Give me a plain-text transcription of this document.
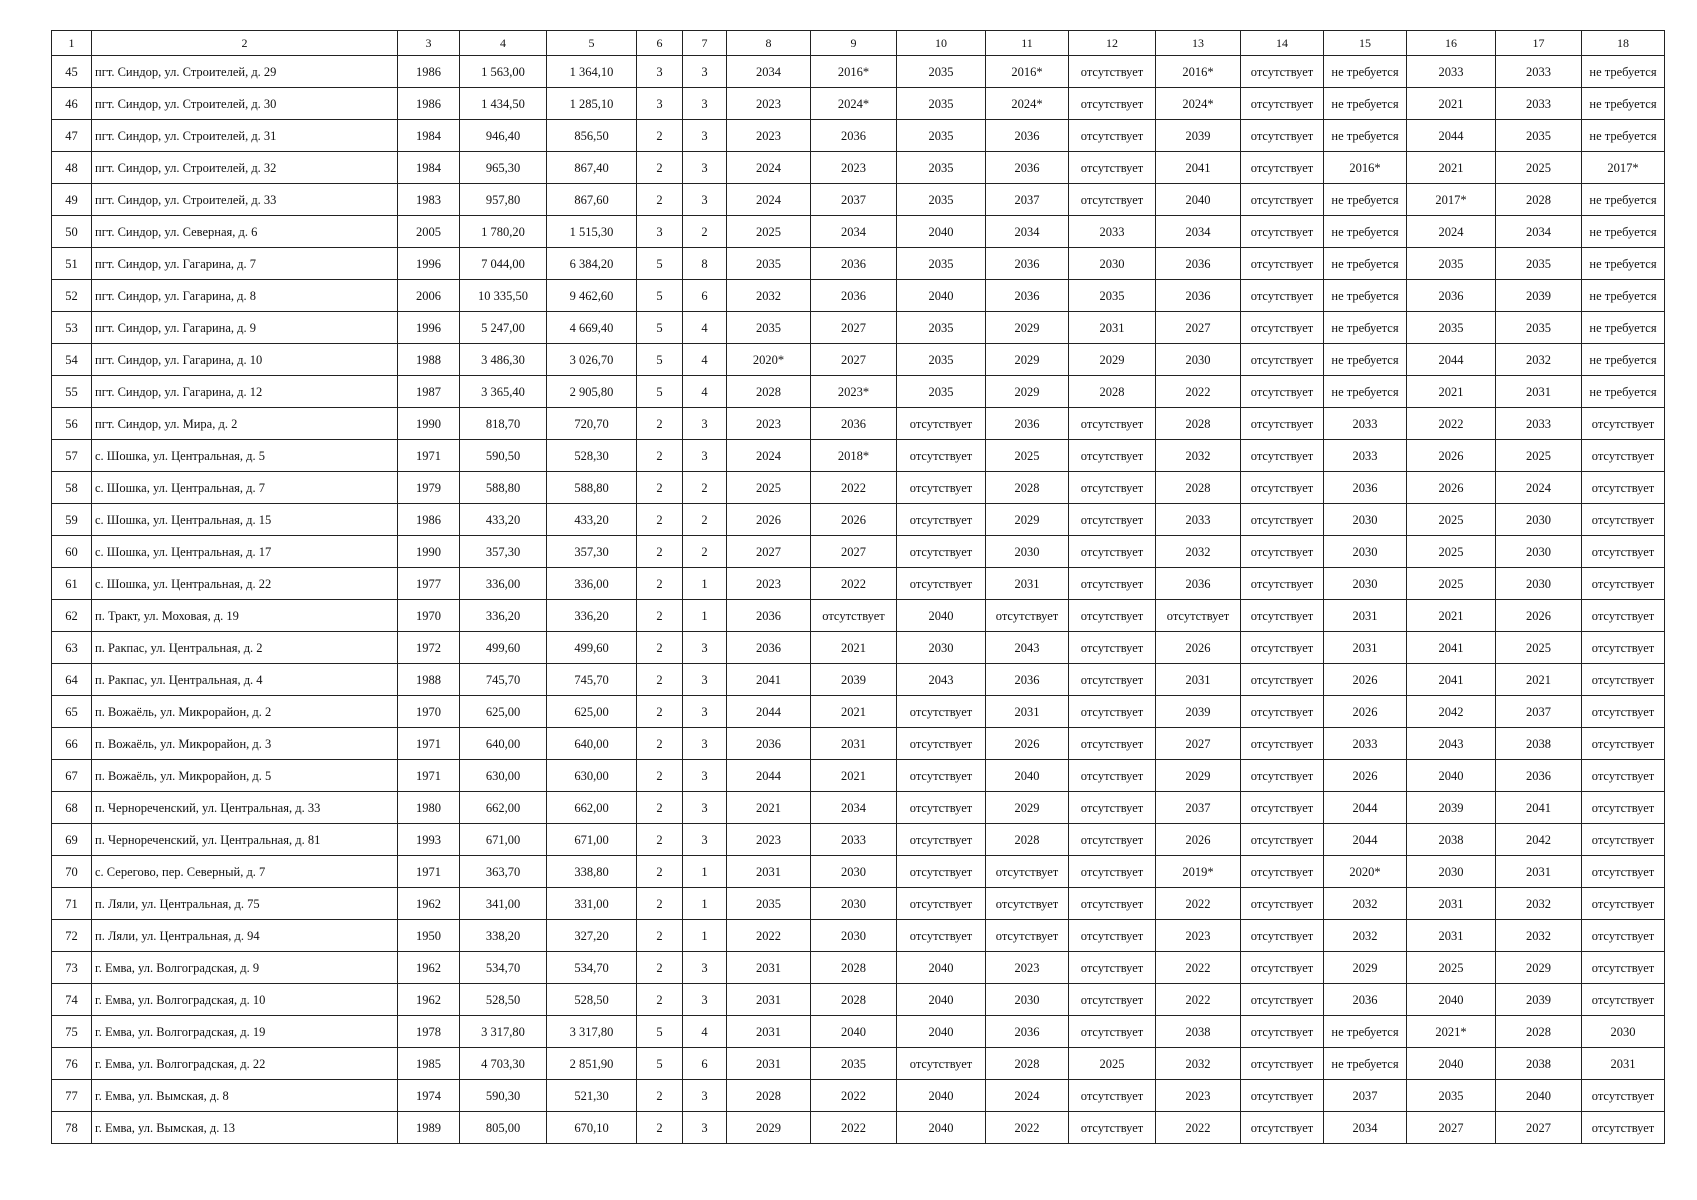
1	2	3	4	5	6	7	8	9	10	11	12	13	14	15	16	17	18
45	пгт. Синдор, ул. Строителей, д. 29	1986	1 563,00	1 364,10	3	3	2034	2016*	2035	2016*	отсутствует	2016*	отсутствует	не требуется	2033	2033	не требуется
46	пгт. Синдор, ул. Строителей, д. 30	1986	1 434,50	1 285,10	3	3	2023	2024*	2035	2024*	отсутствует	2024*	отсутствует	не требуется	2021	2033	не требуется
47	пгт. Синдор, ул. Строителей, д. 31	1984	946,40	856,50	2	3	2023	2036	2035	2036	отсутствует	2039	отсутствует	не требуется	2044	2035	не требуется
48	пгт. Синдор, ул. Строителей, д. 32	1984	965,30	867,40	2	3	2024	2023	2035	2036	отсутствует	2041	отсутствует	2016*	2021	2025	2017*
49	пгт. Синдор, ул. Строителей, д. 33	1983	957,80	867,60	2	3	2024	2037	2035	2037	отсутствует	2040	отсутствует	не требуется	2017*	2028	не требуется
50	пгт. Синдор, ул. Северная, д. 6	2005	1 780,20	1 515,30	3	2	2025	2034	2040	2034	2033	2034	отсутствует	не требуется	2024	2034	не требуется
51	пгт. Синдор, ул. Гагарина, д. 7	1996	7 044,00	6 384,20	5	8	2035	2036	2035	2036	2030	2036	отсутствует	не требуется	2035	2035	не требуется
52	пгт. Синдор, ул. Гагарина, д. 8	2006	10 335,50	9 462,60	5	6	2032	2036	2040	2036	2035	2036	отсутствует	не требуется	2036	2039	не требуется
53	пгт. Синдор, ул. Гагарина, д. 9	1996	5 247,00	4 669,40	5	4	2035	2027	2035	2029	2031	2027	отсутствует	не требуется	2035	2035	не требуется
54	пгт. Синдор, ул. Гагарина, д. 10	1988	3 486,30	3 026,70	5	4	2020*	2027	2035	2029	2029	2030	отсутствует	не требуется	2044	2032	не требуется
55	пгт. Синдор, ул. Гагарина, д. 12	1987	3 365,40	2 905,80	5	4	2028	2023*	2035	2029	2028	2022	отсутствует	не требуется	2021	2031	не требуется
56	пгт. Синдор, ул. Мира, д. 2	1990	818,70	720,70	2	3	2023	2036	отсутствует	2036	отсутствует	2028	отсутствует	2033	2022	2033	отсутствует
57	с. Шошка, ул. Центральная, д. 5	1971	590,50	528,30	2	3	2024	2018*	отсутствует	2025	отсутствует	2032	отсутствует	2033	2026	2025	отсутствует
58	с. Шошка, ул. Центральная, д. 7	1979	588,80	588,80	2	2	2025	2022	отсутствует	2028	отсутствует	2028	отсутствует	2036	2026	2024	отсутствует
59	с. Шошка, ул. Центральная, д. 15	1986	433,20	433,20	2	2	2026	2026	отсутствует	2029	отсутствует	2033	отсутствует	2030	2025	2030	отсутствует
60	с. Шошка, ул. Центральная, д. 17	1990	357,30	357,30	2	2	2027	2027	отсутствует	2030	отсутствует	2032	отсутствует	2030	2025	2030	отсутствует
61	с. Шошка, ул. Центральная, д. 22	1977	336,00	336,00	2	1	2023	2022	отсутствует	2031	отсутствует	2036	отсутствует	2030	2025	2030	отсутствует
62	п. Тракт, ул. Моховая, д. 19	1970	336,20	336,20	2	1	2036	отсутствует	2040	отсутствует	отсутствует	отсутствует	отсутствует	2031	2021	2026	отсутствует
63	п. Ракпас, ул. Центральная, д. 2	1972	499,60	499,60	2	3	2036	2021	2030	2043	отсутствует	2026	отсутствует	2031	2041	2025	отсутствует
64	п. Ракпас, ул. Центральная, д. 4	1988	745,70	745,70	2	3	2041	2039	2043	2036	отсутствует	2031	отсутствует	2026	2041	2021	отсутствует
65	п. Вожаёль, ул. Микрорайон, д. 2	1970	625,00	625,00	2	3	2044	2021	отсутствует	2031	отсутствует	2039	отсутствует	2026	2042	2037	отсутствует
66	п. Вожаёль, ул. Микрорайон, д. 3	1971	640,00	640,00	2	3	2036	2031	отсутствует	2026	отсутствует	2027	отсутствует	2033	2043	2038	отсутствует
67	п. Вожаёль, ул. Микрорайон, д. 5	1971	630,00	630,00	2	3	2044	2021	отсутствует	2040	отсутствует	2029	отсутствует	2026	2040	2036	отсутствует
68	п. Чернореченский, ул. Центральная, д. 33	1980	662,00	662,00	2	3	2021	2034	отсутствует	2029	отсутствует	2037	отсутствует	2044	2039	2041	отсутствует
69	п. Чернореченский, ул. Центральная, д. 81	1993	671,00	671,00	2	3	2023	2033	отсутствует	2028	отсутствует	2026	отсутствует	2044	2038	2042	отсутствует
70	с. Серегово, пер. Северный, д. 7	1971	363,70	338,80	2	1	2031	2030	отсутствует	отсутствует	отсутствует	2019*	отсутствует	2020*	2030	2031	отсутствует
71	п. Ляли, ул. Центральная, д. 75	1962	341,00	331,00	2	1	2035	2030	отсутствует	отсутствует	отсутствует	2022	отсутствует	2032	2031	2032	отсутствует
72	п. Ляли, ул. Центральная, д. 94	1950	338,20	327,20	2	1	2022	2030	отсутствует	отсутствует	отсутствует	2023	отсутствует	2032	2031	2032	отсутствует
73	г. Емва, ул. Волгоградская, д. 9	1962	534,70	534,70	2	3	2031	2028	2040	2023	отсутствует	2022	отсутствует	2029	2025	2029	отсутствует
74	г. Емва, ул. Волгоградская, д. 10	1962	528,50	528,50	2	3	2031	2028	2040	2030	отсутствует	2022	отсутствует	2036	2040	2039	отсутствует
75	г. Емва, ул. Волгоградская, д. 19	1978	3 317,80	3 317,80	5	4	2031	2040	2040	2036	отсутствует	2038	отсутствует	не требуется	2021*	2028	2030
76	г. Емва, ул. Волгоградская, д. 22	1985	4 703,30	2 851,90	5	6	2031	2035	отсутствует	2028	2025	2032	отсутствует	не требуется	2040	2038	2031
77	г. Емва, ул. Вымская, д. 8	1974	590,30	521,30	2	3	2028	2022	2040	2024	отсутствует	2023	отсутствует	2037	2035	2040	отсутствует
78	г. Емва, ул. Вымская, д. 13	1989	805,00	670,10	2	3	2029	2022	2040	2022	отсутствует	2022	отсутствует	2034	2027	2027	отсутствует
